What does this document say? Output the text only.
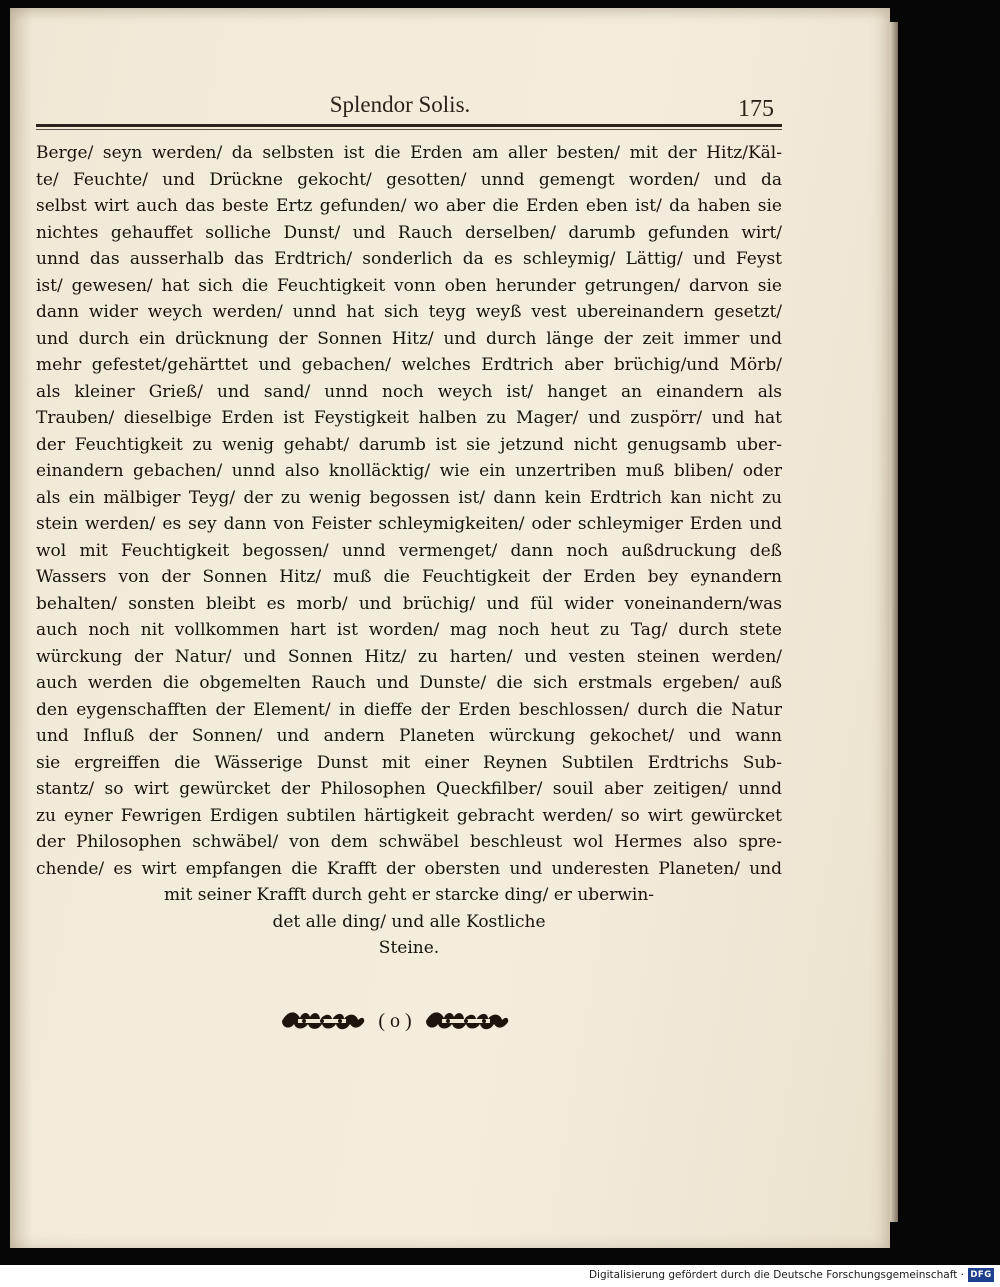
Splendor Solis.	175
Berge/ seyn werden/ da selbsten ist die Erden am aller besten/ mit der Hitz/Käl-
te/ Feuchte/ und Drückne gekocht/ gesotten/ unnd gemengt worden/ und da
selbst wirt auch das beste Ertz gefunden/ wo aber die Erden eben ist/ da haben sie
nichtes gehauffet solliche Dunst/ und Rauch derselben/ darumb gefunden wirt/
unnd das ausserhalb das Erdtrich/ sonderlich da es schleymig/ Lättig/ und Feyst
ist/ gewesen/ hat sich die Feuchtigkeit vonn oben herunder getrungen/ darvon sie
dann wider weych werden/ unnd hat sich teyg weyß vest ubereinandern gesetzt/
und durch ein drücknung der Sonnen Hitz/ und durch länge der zeit immer und
mehr gefestet/gehärttet und gebachen/ welches Erdtrich aber brüchig/und Mörb/
als kleiner Grieß/ und sand/ unnd noch weych ist/ hanget an einandern als
Trauben/ dieselbige Erden ist Feystigkeit halben zu Mager/ und zuspörr/ und hat
der Feuchtigkeit zu wenig gehabt/ darumb ist sie jetzund nicht genugsamb uber-
einandern gebachen/ unnd also knolläcktig/ wie ein unzertriben muß bliben/ oder
als ein mälbiger Teyg/ der zu wenig begossen ist/ dann kein Erdtrich kan nicht zu
stein werden/ es sey dann von Feister schleymigkeiten/ oder schleymiger Erden und
wol mit Feuchtigkeit begossen/ unnd vermenget/ dann noch außdruckung deß
Wassers von der Sonnen Hitz/ muß die Feuchtigkeit der Erden bey eynandern
behalten/ sonsten bleibt es morb/ und brüchig/ und fül wider voneinandern/was
auch noch nit vollkommen hart ist worden/ mag noch heut zu Tag/ durch stete
würckung der Natur/ und Sonnen Hitz/ zu harten/ und vesten steinen werden/
auch werden die obgemelten Rauch und Dunste/ die sich erstmals ergeben/ auß
den eygenschafften der Element/ in dieffe der Erden beschlossen/ durch die Natur
und Influß der Sonnen/ und andern Planeten würckung gekochet/ und wann
sie ergreiffen die Wässerige Dunst mit einer Reynen Subtilen Erdtrichs Sub-
stantz/ so wirt gewürcket der Philosophen Queckfilber/ souil aber zeitigen/ unnd
zu eyner Fewrigen Erdigen subtilen härtigkeit gebracht werden/ so wirt gewürcket
der Philosophen schwäbel/ von dem schwäbel beschleust wol Hermes also spre-
chende/ es wirt empfangen die Krafft der obersten und underesten Planeten/ und
mit seiner Krafft durch geht er starcke ding/ er uberwin-
det alle ding/ und alle Kostliche
Steine.
( o )
Digitalisierung gefördert durch die Deutsche Forschungsgemeinschaft · DFG
